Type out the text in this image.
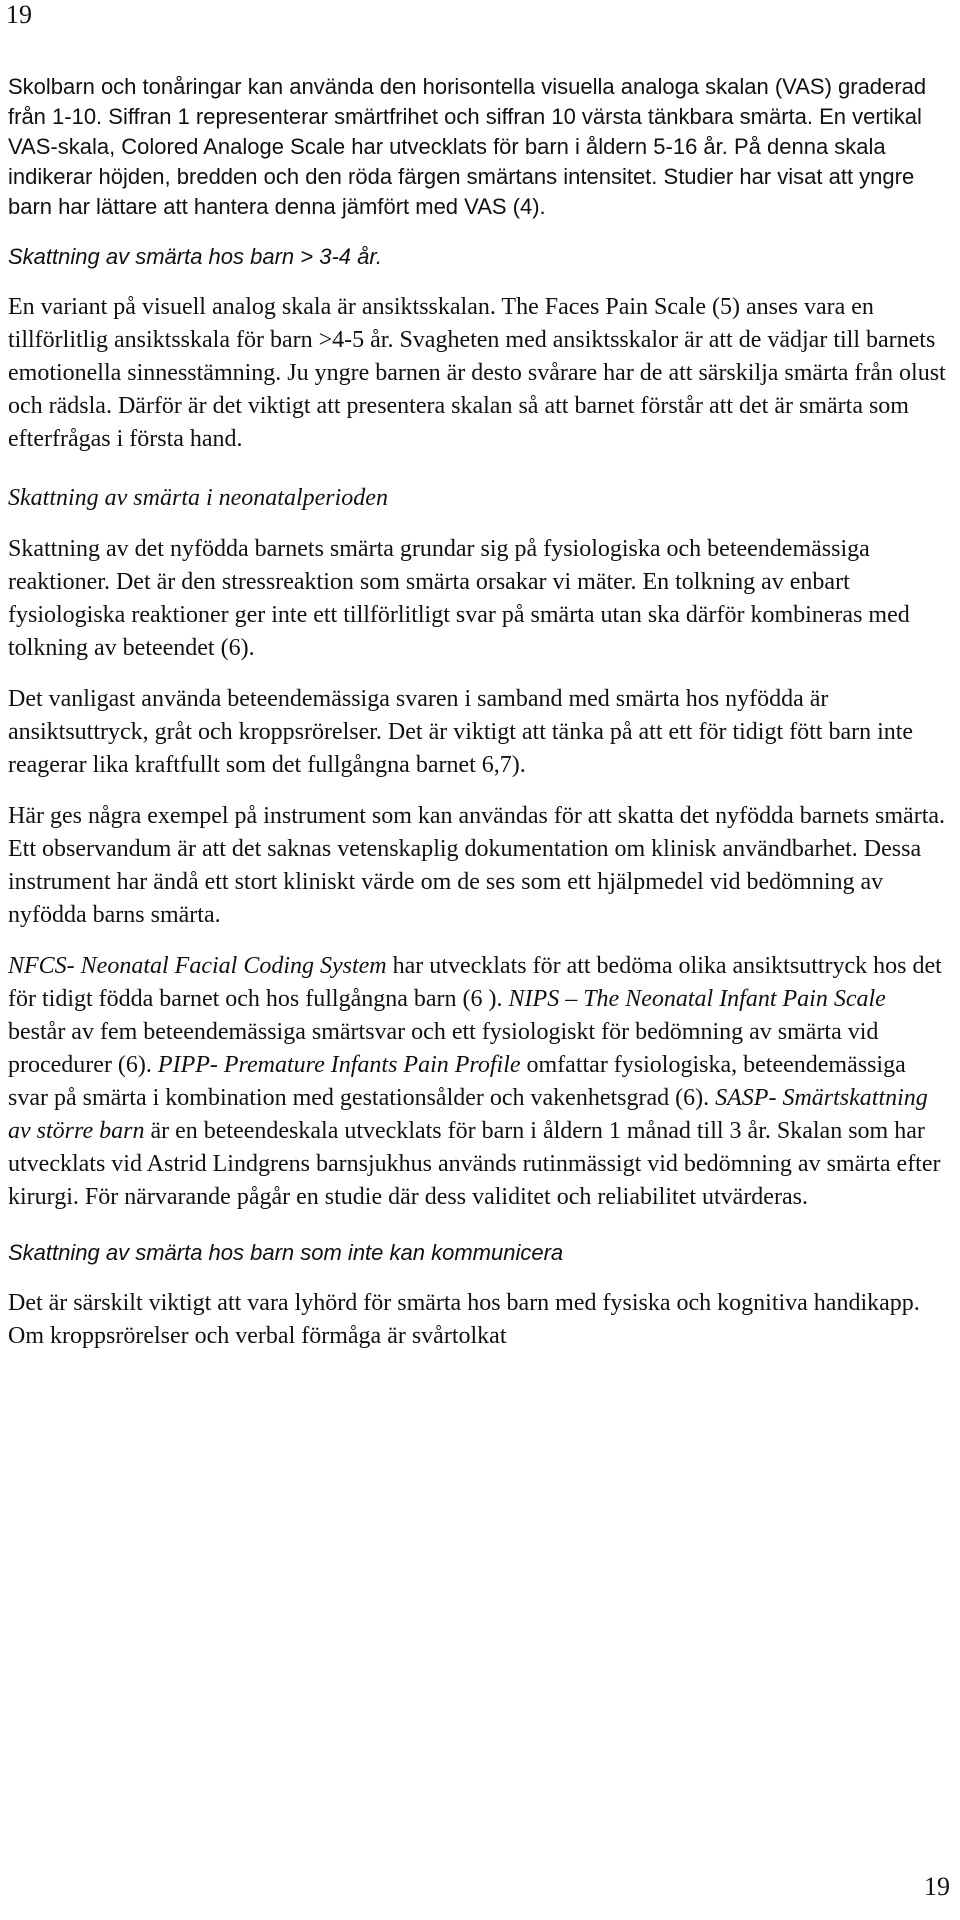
19

Skolbarn och tonåringar kan använda den horisontella visuella analoga skalan (VAS) graderad från 1-10. Siffran 1 representerar smärtfrihet och siffran 10 värsta tänkbara smärta. En vertikal VAS-skala, Colored Analoge Scale har utvecklats för barn i åldern 5-16 år. På denna skala indikerar höjden, bredden och den röda färgen smärtans intensitet. Studier har visat att yngre barn har lättare att hantera denna jämfört med VAS (4).

Skattning av smärta hos barn > 3-4 år.

En variant på visuell analog skala är ansiktsskalan. The Faces Pain Scale (5) anses vara en tillförlitlig ansiktsskala för barn >4-5 år. Svagheten med ansiktsskalor är att de vädjar till barnets emotionella sinnesstämning. Ju yngre barnen är desto svårare har de att särskilja smärta från olust och rädsla. Därför är det viktigt att presentera skalan så att barnet förstår att det är smärta som efterfrågas i första hand.

Skattning av smärta i neonatalperioden

Skattning av det nyfödda barnets smärta grundar sig på fysiologiska och beteendemässiga reaktioner. Det är den stressreaktion som smärta orsakar vi mäter. En tolkning av enbart fysiologiska reaktioner ger inte ett tillförlitligt svar på smärta utan ska därför kombineras med tolkning av beteendet (6).

Det vanligast använda beteendemässiga svaren i samband med smärta hos nyfödda är ansiktsuttryck, gråt och kroppsrörelser. Det är viktigt att tänka på att ett för tidigt fött barn inte reagerar lika kraftfullt som det fullgångna barnet 6,7).

Här ges några exempel på instrument som kan användas för att skatta det nyfödda barnets smärta. Ett observandum är att det saknas vetenskaplig dokumentation om klinisk användbarhet. Dessa instrument har ändå ett stort kliniskt värde om de ses som ett hjälpmedel vid bedömning av nyfödda barns smärta.

NFCS- Neonatal Facial Coding System har utvecklats för att bedöma olika ansiktsuttryck hos det för tidigt födda barnet och hos fullgångna barn (6 ). NIPS – The Neonatal Infant Pain Scale består av fem beteendemässiga smärtsvar och ett fysiologiskt för bedömning av smärta vid procedurer (6). PIPP- Premature Infants Pain Profile omfattar fysiologiska, beteendemässiga svar på smärta i kombination med gestationsålder och vakenhetsgrad (6). SASP- Smärtskattning av större barn är en beteendeskala utvecklats för barn i åldern 1 månad till 3 år. Skalan som har utvecklats vid Astrid Lindgrens barnsjukhus används rutinmässigt vid bedömning av smärta efter kirurgi. För närvarande pågår en studie där dess validitet och reliabilitet utvärderas.

Skattning av smärta hos barn som inte kan kommunicera

Det är särskilt viktigt att vara lyhörd för smärta hos barn med fysiska och kognitiva handikapp. Om kroppsrörelser och verbal förmåga är svårtolkat

19
